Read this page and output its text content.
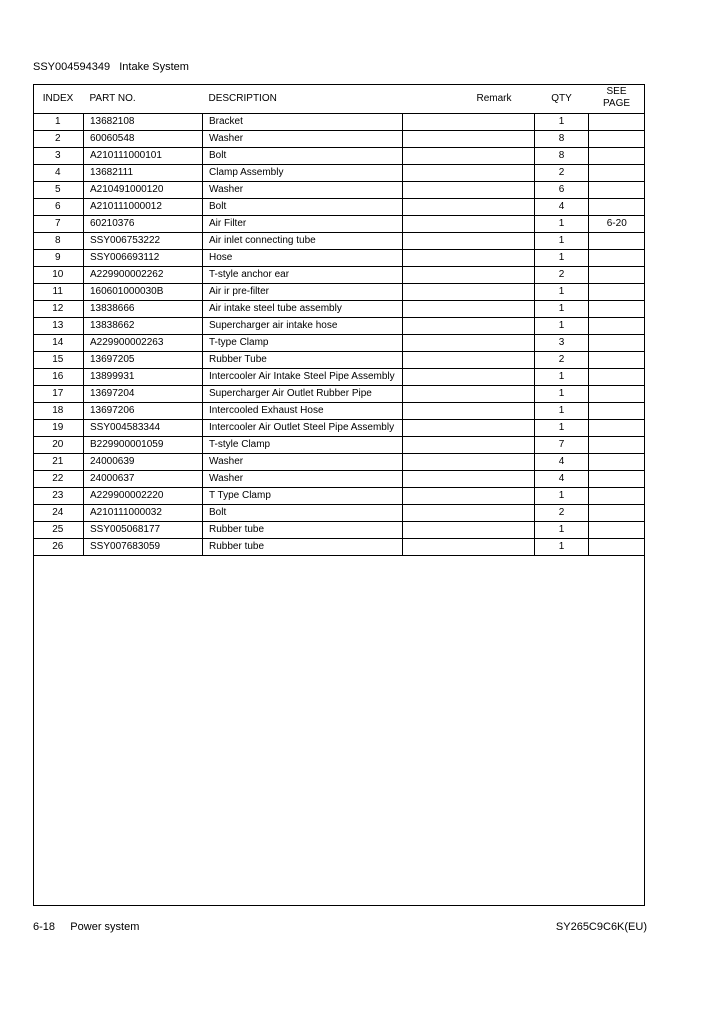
SSY004594349   Intake System
INDEX	PART NO.	DESCRIPTION	Remark	QTY	SEE PAGE
1	13682108	Bracket		1	
2	60060548	Washer		8	
3	A210111000101	Bolt		8	
4	13682111	Clamp Assembly		2	
5	A210491000120	Washer		6	
6	A210111000012	Bolt		4	
7	60210376	Air Filter		1	6-20
8	SSY006753222	Air inlet connecting tube		1	
9	SSY006693112	Hose		1	
10	A229900002262	T-style anchor ear		2	
11	160601000030B	Air ir pre-filter		1	
12	13838666	Air intake steel tube assembly		1	
13	13838662	Supercharger air intake hose		1	
14	A229900002263	T-type Clamp		3	
15	13697205	Rubber Tube		2	
16	13899931	Intercooler Air Intake Steel Pipe Assembly		1	
17	13697204	Supercharger Air Outlet Rubber Pipe		1	
18	13697206	Intercooled Exhaust Hose		1	
19	SSY004583344	Intercooler Air Outlet Steel Pipe Assembly		1	
20	B229900001059	T-style Clamp		7	
21	24000639	Washer		4	
22	24000637	Washer		4	
23	A229900002220	T Type Clamp		1	
24	A210111000032	Bolt		2	
25	SSY005068177	Rubber tube		1	
26	SSY007683059	Rubber tube		1	
6-18     Power system	SY265C9C6K(EU)
